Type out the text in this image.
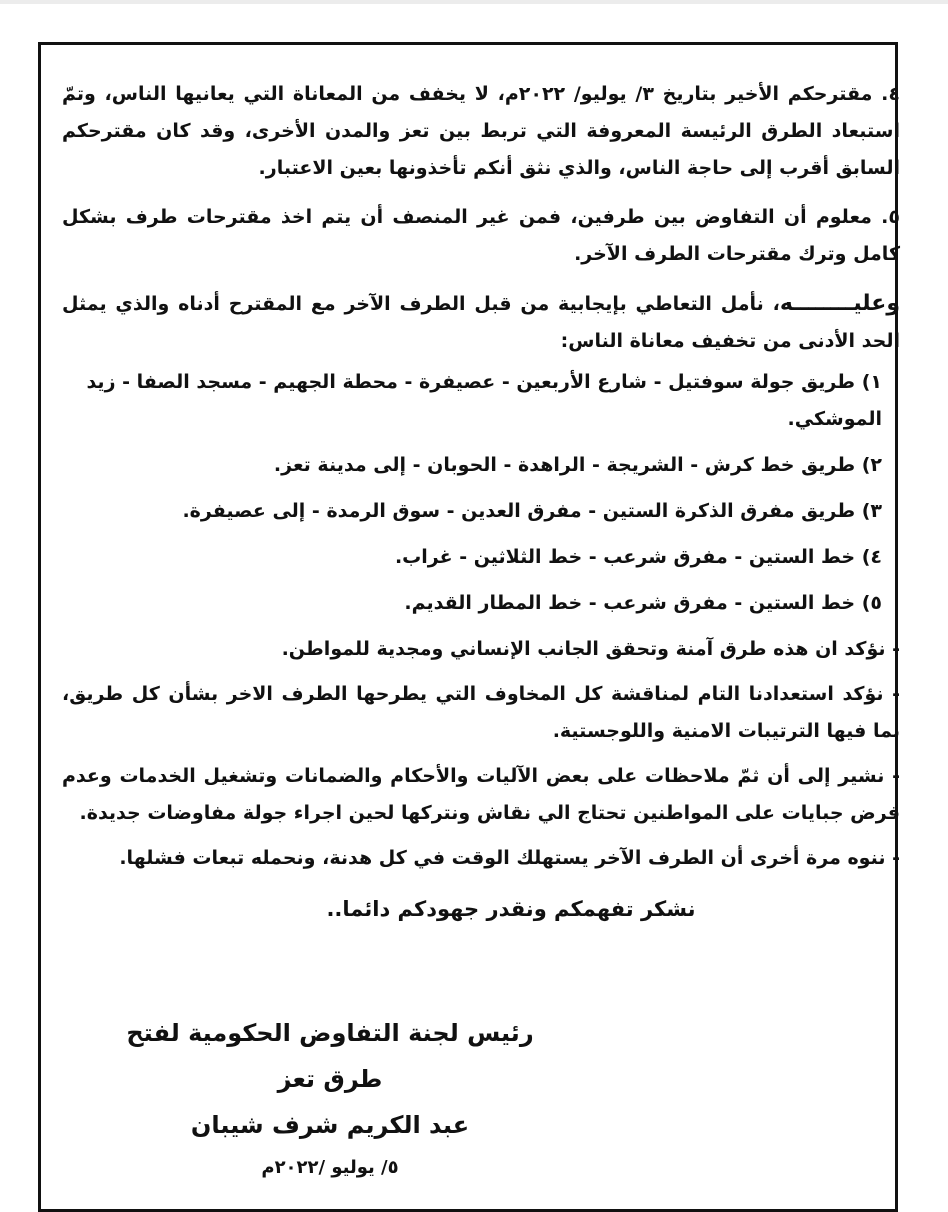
٤. مقترحكم الأخير بتاريخ ٣/ يوليو/ ٢٠٢٢م، لا يخفف من المعاناة التي يعانيها الناس، وتمّ استبعاد الطرق الرئيسة المعروفة التي تربط بين تعز والمدن الأخرى، وقد كان مقترحكم السابق أقرب إلى حاجة الناس، والذي نثق أنكم تأخذونها بعين الاعتبار.

٥. معلوم أن التفاوض بين طرفين، فمن غير المنصف أن يتم اخذ مقترحات طرف بشكل كامل وترك مقترحات الطرف الآخر.

وعليــــــــه، نأمل التعاطي بإيجابية من قبل الطرف الآخر مع المقترح أدناه والذي يمثل الحد الأدنى من تخفيف معاناة الناس:

١) طريق جولة سوفتيل - شارع الأربعين - عصيفرة - محطة الجهيم - مسجد الصفا - زيد الموشكي.
٢) طريق خط كرش - الشريجة - الراهدة - الحوبان - إلى مدينة تعز.
٣) طريق مفرق الذكرة الستين - مفرق العدين - سوق الرمدة - إلى عصيفرة.
٤) خط الستين - مفرق شرعب - خط الثلاثين - غراب.
٥) خط الستين - مفرق شرعب - خط المطار القديم.

- نؤكد ان هذه طرق آمنة وتحقق الجانب الإنساني ومجدية للمواطن.

- نؤكد استعدادنا التام لمناقشة كل المخاوف التي يطرحها الطرف الاخر بشأن كل طريق، بما فيها الترتيبات الامنية واللوجستية.

- نشير إلى أن ثمّ ملاحظات على بعض الآليات والأحكام والضمانات وتشغيل الخدمات وعدم فرض جبايات على المواطنين تحتاج الي نقاش ونتركها لحين اجراء جولة مفاوضات جديدة.

- ننوه مرة أخرى أن الطرف الآخر يستهلك الوقت في كل هدنة، ونحمله تبعات فشلها.

نشكر تفهمكم ونقدر جهودكم دائما..

رئيس لجنة التفاوض الحكومية لفتح طرق تعز
عبد الكريم شرف شيبان
٥/ يوليو /٢٠٢٢م
